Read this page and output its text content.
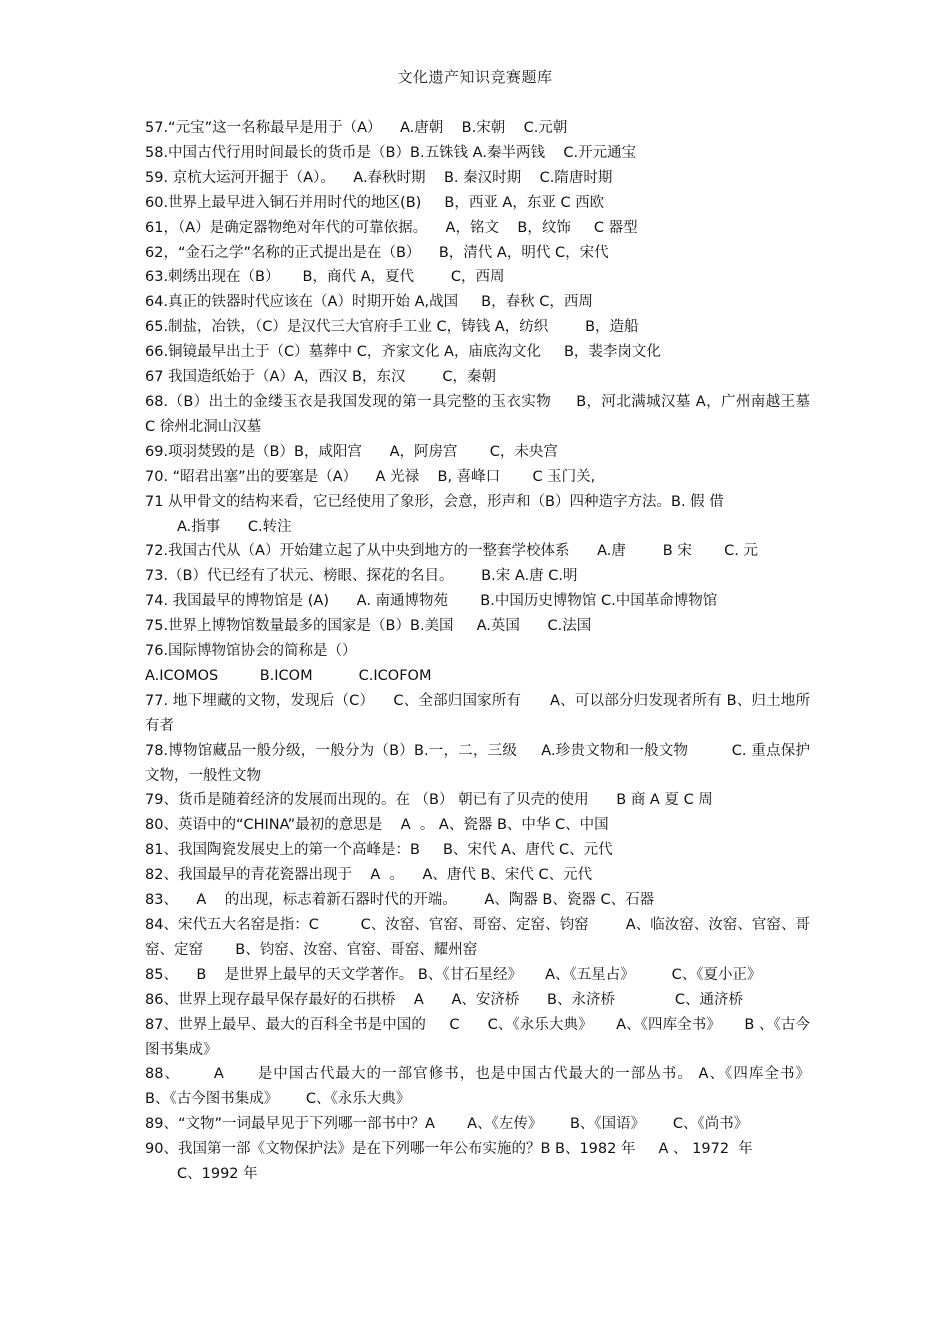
文化遗产知识竞赛题库
57.“元宝”这一名称最早是用于（A）    A.唐朝    B.宋朝    C.元朝
58.中国古代行用时间最长的货币是（B）B.五铢钱 A.秦半两钱    C.开元通宝
59. 京杭大运河开掘于（A）。    A.春秋时期    B. 秦汉时期    C.隋唐时期
60.世界上最早进入铜石并用时代的地区(B)     B，西亚 A，东亚 C 西欧
61，（A）是确定器物绝对年代的可靠依据。    A，铭文    B，纹饰     C 器型
62，“金石之学”名称的正式提出是在（B）    B，清代 A，明代 C，宋代
63.刺绣出现在（B）     B，商代 A，夏代        C，西周
64.真正的铁器时代应该在（A）时期开始 A,战国     B，春秋 C，西周
65.制盐，冶铁，（C）是汉代三大官府手工业 C，铸钱 A，纺织        B，造船
66.铜镜最早出土于（C）墓葬中 C，齐家文化 A，庙底沟文化     B，裴李岗文化
67 我国造纸始于（A）A，西汉 B，东汉        C，秦朝
68.（B）出土的金缕玉衣是我国发现的第一具完整的玉衣实物     B，河北满城汉墓 A，广州南越王墓       C 徐州北洞山汉墓
69.项羽焚毁的是（B）B，咸阳宫      A，阿房宫       C，未央宫
70. “昭君出塞”出的要塞是（A）    A 光禄    B, 喜峰口       C 玉门关,
71 从甲骨文的结构来看，它已经使用了象形，会意，形声和（B）四种造字方法。B. 假 借
A.指事      C.转注
72.我国古代从（A）开始建立起了从中央到地方的一整套学校体系      A.唐        B 宋       C. 元
73.（B）代已经有了状元、榜眼、探花的名目。      B.宋 A.唐 C.明
74. 我国最早的博物馆是 (A)      A. 南通博物苑       B.中国历史博物馆 C.中国革命博物馆
75.世界上博物馆数量最多的国家是（B）B.美国     A.英国      C.法国
76.国际博物馆协会的简称是（）
A.ICOMOS         B.ICOM          C.ICOFOM
77. 地下埋藏的文物，发现后（C）    C、全部归国家所有      A、可以部分归发现者所有 B、归土地所有者
78.博物馆藏品一般分级，一般分为（B）B.一，二，三级     A.珍贵文物和一般文物         C. 重点保护文物，一般性文物
79、货币是随着经济的发展而出现的。在 （B） 朝已有了贝壳的使用      B 商 A 夏 C 周
80、英语中的“CHINA”最初的意思是    A  。 A、瓷器 B、中华 C、中国
81、我国陶瓷发展史上的第一个高峰是：B     B、宋代 A、唐代 C、元代
82、我国最早的青花瓷器出现于    A  。    A、唐代 B、宋代 C、元代
83、    A    的出现，标志着新石器时代的开端。      A、陶器 B、瓷器 C、石器
84、宋代五大名窑是指：C         C、汝窑、官窑、哥窑、定窑、钧窑        A、临汝窑、汝窑、官窑、哥窑、定窑       B、钧窑、汝窑、官窑、哥窑、耀州窑
85、    B    是世界上最早的天文学著作。 B、《甘石星经》     A、《五星占》        C、《夏小正》
86、世界上现存最早保存最好的石拱桥    A      A、安济桥      B、永济桥             C、通济桥
87、世界上最早、最大的百科全书是中国的     C      C、《永乐大典》     A、《四库全书》     B 、《古今图书集成》
88、      A      是中国古代最大的一部官修书，也是中国古代最大的一部丛书。 A、《四库全书》      B、《古今图书集成》      C、《永乐大典》
89、“文物”一词最早见于下列哪一部书中？A       A、《左传》      B、《国语》      C、《尚书》
90、我国第一部《文物保护法》是在下列哪一年公布实施的？B B、1982 年     A 、 1972  年
C、1992 年
